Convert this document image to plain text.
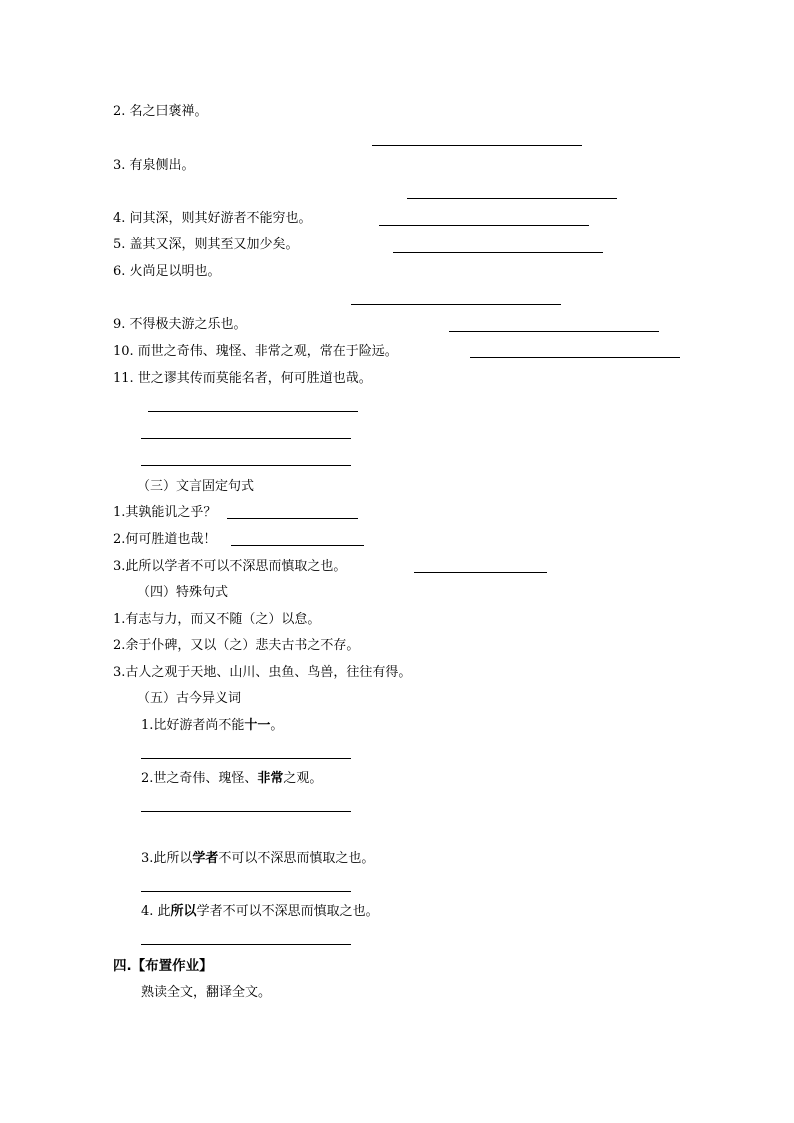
2. 名之曰褒禅。
3. 有泉侧出。
4. 问其深，则其好游者不能穷也。
5. 盖其又深，则其至又加少矣。
6. 火尚足以明也。
9. 不得极夫游之乐也。
10. 而世之奇伟、瑰怪、非常之观，常在于险远。
11. 世之谬其传而莫能名者，何可胜道也哉。
（三）文言固定句式
1.其孰能讥之乎？
2.何可胜道也哉！
3.此所以学者不可以不深思而慎取之也。
（四）特殊句式
1.有志与力，而又不随（之）以怠。
2.余于仆碑，又以（之）悲夫古书之不存。
3.古人之观于天地、山川、虫鱼、鸟兽，往往有得。
（五）古今异义词
1.比好游者尚不能十一。
2.世之奇伟、瑰怪、非常之观。
3.此所以学者不可以不深思而慎取之也。
4. 此所以学者不可以不深思而慎取之也。
四.【布置作业】
熟读全文，翻译全文。
